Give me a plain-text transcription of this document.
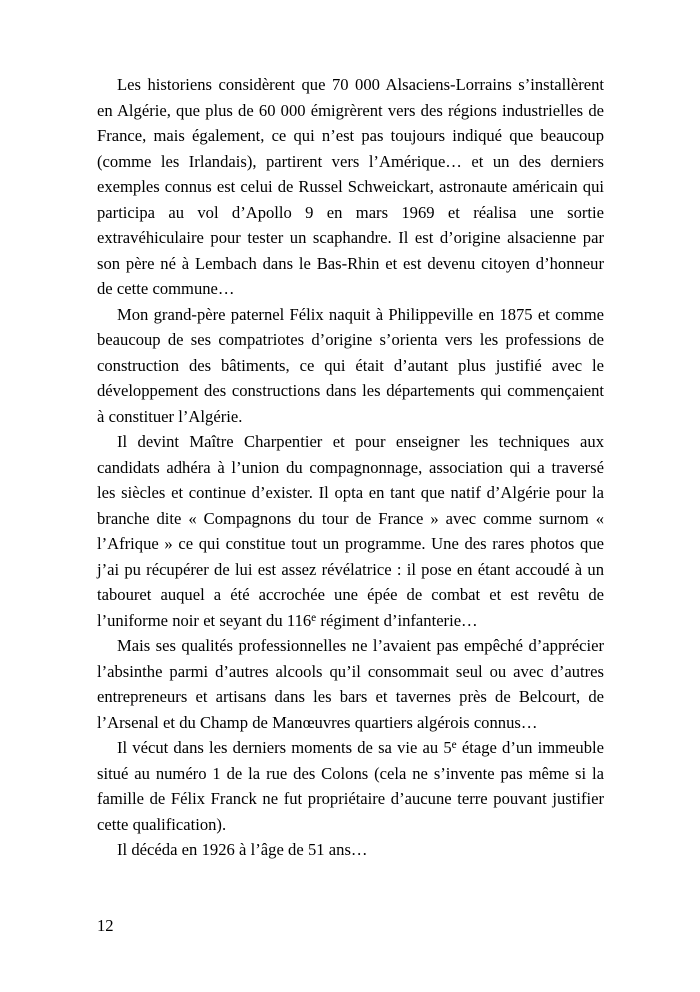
Les historiens considèrent que 70 000 Alsaciens-Lorrains s’installèrent en Algérie, que plus de 60 000 émigrèrent vers des régions industrielles de France, mais également, ce qui n’est pas toujours indiqué que beaucoup (comme les Irlandais), partirent vers l’Amérique… et un des derniers exemples connus est celui de Russel Schweickart, astronaute américain qui participa au vol d’Apollo 9 en mars 1969 et réalisa une sortie extravéhiculaire pour tester un scaphandre. Il est d’origine alsacienne par son père né à Lembach dans le Bas-Rhin et est devenu citoyen d’honneur de cette commune…

Mon grand-père paternel Félix naquit à Philippeville en 1875 et comme beaucoup de ses compatriotes d’origine s’orienta vers les professions de construction des bâtiments, ce qui était d’autant plus justifié avec le développement des constructions dans les départements qui commençaient à constituer l’Algérie.

Il devint Maître Charpentier et pour enseigner les techniques aux candidats adhéra à l’union du compagnonnage, association qui a traversé les siècles et continue d’exister. Il opta en tant que natif d’Algérie pour la branche dite « Compagnons du tour de France » avec comme surnom « l’Afrique » ce qui constitue tout un programme. Une des rares photos que j’ai pu récupérer de lui est assez révélatrice : il pose en étant accoudé à un tabouret auquel a été accrochée une épée de combat et est revêtu de l’uniforme noir et seyant du 116e régiment d’infanterie…

Mais ses qualités professionnelles ne l’avaient pas empêché d’apprécier l’absinthe parmi d’autres alcools qu’il consommait seul ou avec d’autres entrepreneurs et artisans dans les bars et tavernes près de Belcourt, de l’Arsenal et du Champ de Manœuvres quartiers algérois connus…

Il vécut dans les derniers moments de sa vie au 5e étage d’un immeuble situé au numéro 1 de la rue des Colons (cela ne s’invente pas même si la famille de Félix Franck ne fut propriétaire d’aucune terre pouvant justifier cette qualification).

Il décéda en 1926 à l’âge de 51 ans…

12
